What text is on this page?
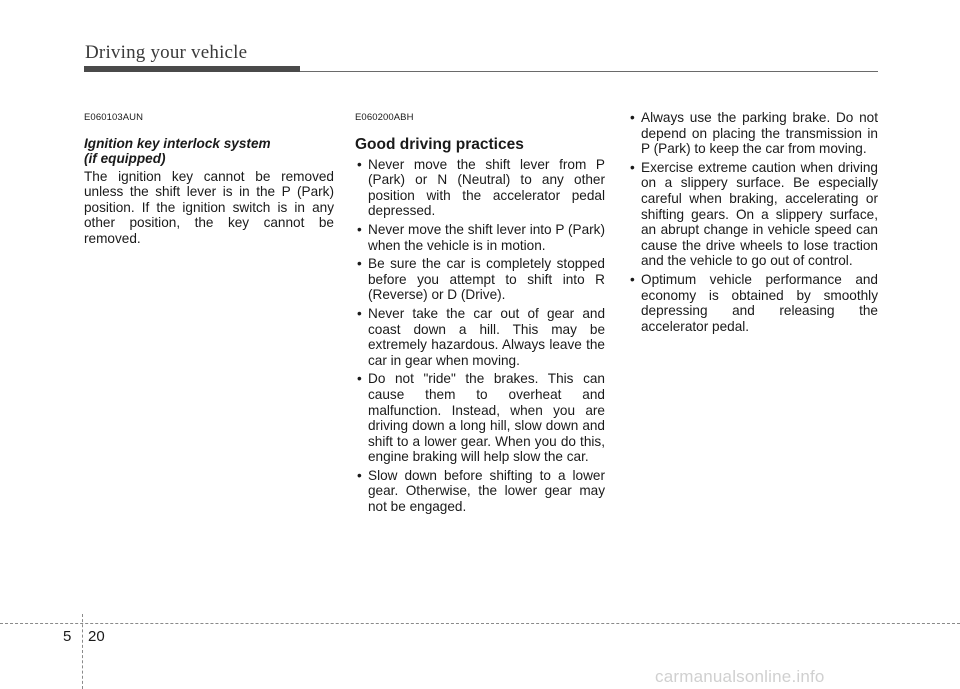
Driving your vehicle
E060103AUN
Ignition key interlock system
(if equipped)

The ignition key cannot be removed unless the shift lever is in the P (Park) position. If the ignition switch is in any other position, the key cannot be removed.

E060200ABH
Good driving practices
• Never move the shift lever from P (Park) or N (Neutral) to any other position with the accelerator pedal depressed.
• Never move the shift lever into P (Park) when the vehicle is in motion.
• Be sure the car is completely stopped before you attempt to shift into R (Reverse) or D (Drive).
• Never take the car out of gear and coast down a hill. This may be extremely hazardous. Always leave the car in gear when moving.
• Do not "ride" the brakes. This can cause them to overheat and malfunction. Instead, when you are driving down a long hill, slow down and shift to a lower gear. When you do this, engine braking will help slow the car.
• Slow down before shifting to a lower gear. Otherwise, the lower gear may not be engaged.
• Always use the parking brake. Do not depend on placing the transmission in P (Park) to keep the car from moving.
• Exercise extreme caution when driving on a slippery surface. Be especially careful when braking, accelerating or shifting gears. On a slippery surface, an abrupt change in vehicle speed can cause the drive wheels to lose traction and the vehicle to go out of control.
• Optimum vehicle performance and economy is obtained by smoothly depressing and releasing the accelerator pedal.
5 20
carmanualsonline.info
